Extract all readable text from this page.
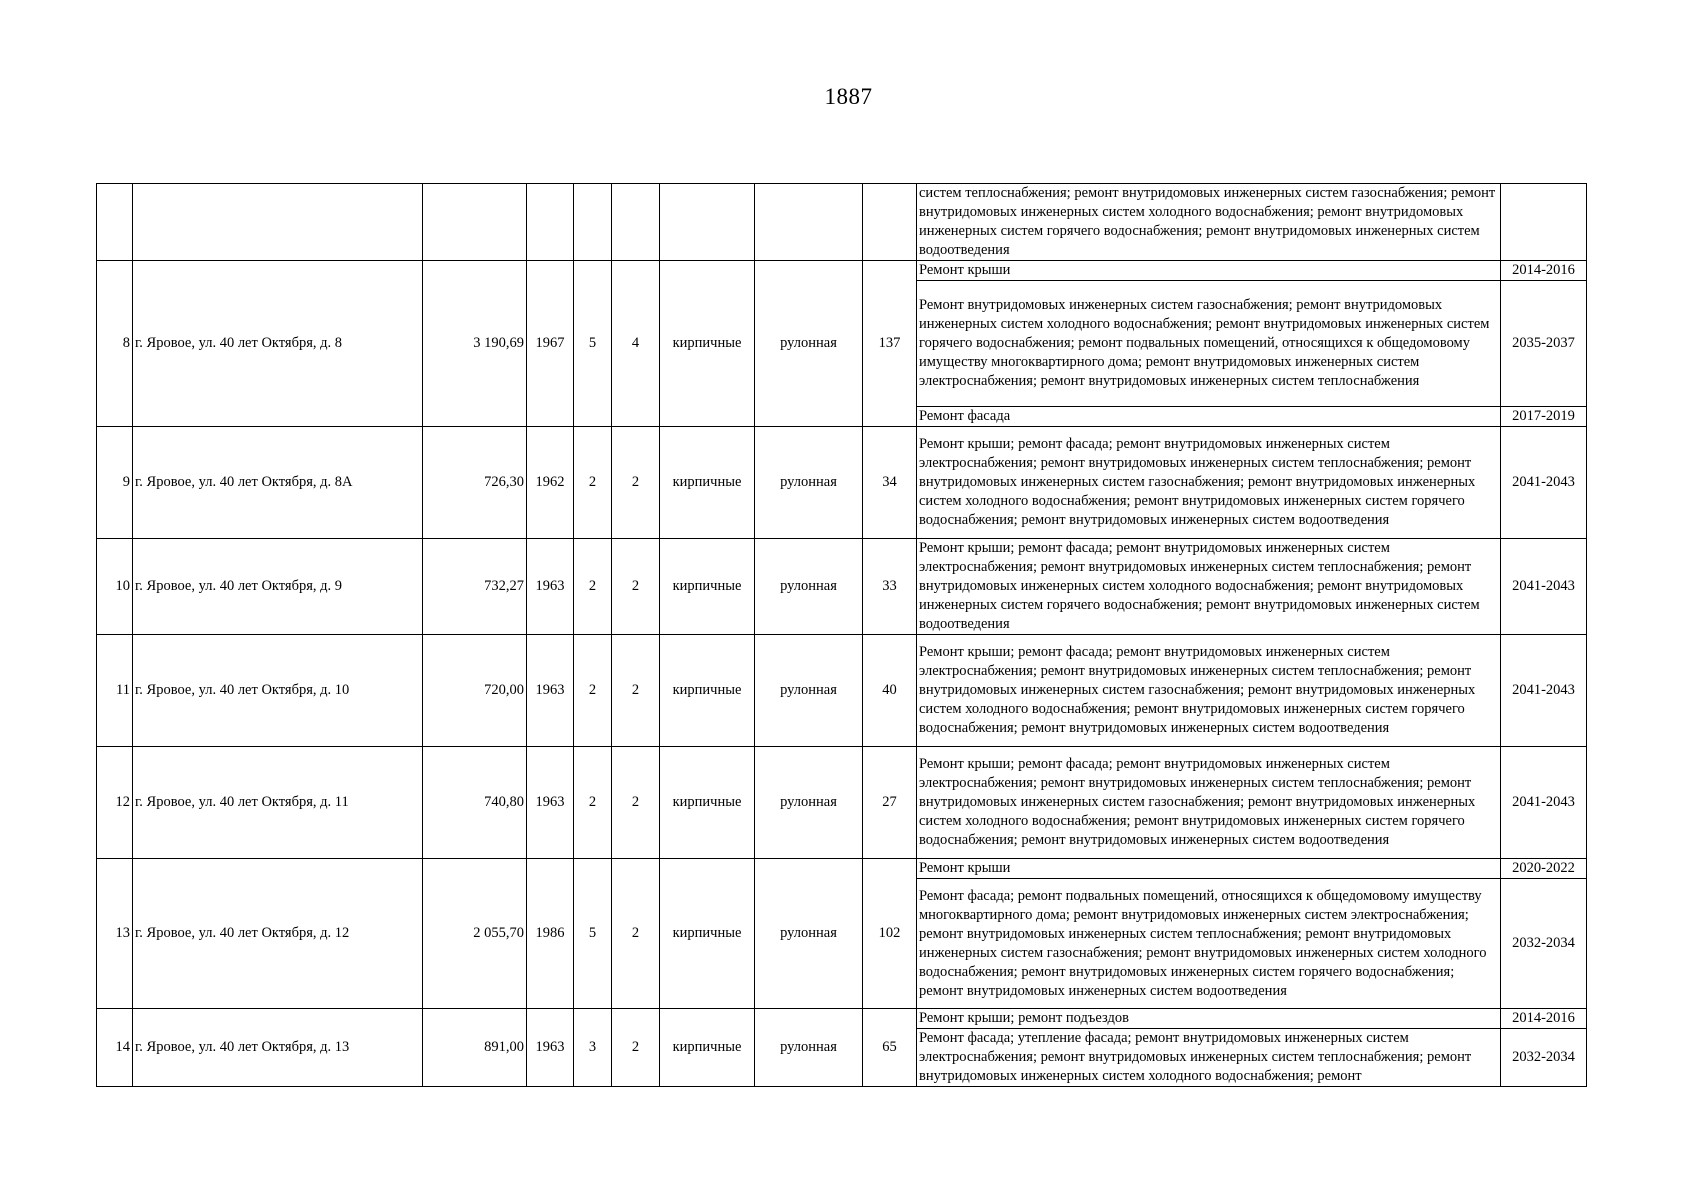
1887
									систем теплоснабжения; ремонт внутридомовых инженерных систем газоснабжения; ремонт внутридомовых инженерных систем холодного водоснабжения; ремонт внутридомовых инженерных систем горячего водоснабжения; ремонт внутридомовых инженерных систем водоотведения	
8	г. Яровое, ул. 40 лет Октября, д. 8	3 190,69	1967	5	4	кирпичные	рулонная	137	Ремонт крыши	2014-2016
									Ремонт внутридомовых инженерных систем газоснабжения; ремонт внутридомовых инженерных систем холодного водоснабжения; ремонт внутридомовых инженерных систем горячего водоснабжения; ремонт подвальных помещений, относящихся к общедомовому имуществу многоквартирного дома; ремонт внутридомовых инженерных систем электроснабжения; ремонт внутридомовых инженерных систем теплоснабжения	2035-2037
									Ремонт фасада	2017-2019
9	г. Яровое, ул. 40 лет Октября, д. 8А	726,30	1962	2	2	кирпичные	рулонная	34	Ремонт крыши; ремонт фасада; ремонт внутридомовых инженерных систем электроснабжения; ремонт внутридомовых инженерных систем теплоснабжения; ремонт внутридомовых инженерных систем газоснабжения; ремонт внутридомовых инженерных систем холодного водоснабжения; ремонт внутридомовых инженерных систем горячего водоснабжения; ремонт внутридомовых инженерных систем водоотведения	2041-2043
10	г. Яровое, ул. 40 лет Октября, д. 9	732,27	1963	2	2	кирпичные	рулонная	33	Ремонт крыши; ремонт фасада; ремонт внутридомовых инженерных систем электроснабжения; ремонт внутридомовых инженерных систем теплоснабжения; ремонт внутридомовых инженерных систем холодного водоснабжения; ремонт внутридомовых инженерных систем горячего водоснабжения; ремонт внутридомовых инженерных систем водоотведения	2041-2043
11	г. Яровое, ул. 40 лет Октября, д. 10	720,00	1963	2	2	кирпичные	рулонная	40	Ремонт крыши; ремонт фасада; ремонт внутридомовых инженерных систем электроснабжения; ремонт внутридомовых инженерных систем теплоснабжения; ремонт внутридомовых инженерных систем газоснабжения; ремонт внутридомовых инженерных систем холодного водоснабжения; ремонт внутридомовых инженерных систем горячего водоснабжения; ремонт внутридомовых инженерных систем водоотведения	2041-2043
12	г. Яровое, ул. 40 лет Октября, д. 11	740,80	1963	2	2	кирпичные	рулонная	27	Ремонт крыши; ремонт фасада; ремонт внутридомовых инженерных систем электроснабжения; ремонт внутридомовых инженерных систем теплоснабжения; ремонт внутридомовых инженерных систем газоснабжения; ремонт внутридомовых инженерных систем холодного водоснабжения; ремонт внутридомовых инженерных систем горячего водоснабжения; ремонт внутридомовых инженерных систем водоотведения	2041-2043
13	г. Яровое, ул. 40 лет Октября, д. 12	2 055,70	1986	5	2	кирпичные	рулонная	102	Ремонт крыши	2020-2022
									Ремонт фасада; ремонт подвальных помещений, относящихся к общедомовому имуществу многоквартирного дома; ремонт внутридомовых инженерных систем электроснабжения; ремонт внутридомовых инженерных систем теплоснабжения; ремонт внутридомовых инженерных систем газоснабжения; ремонт внутридомовых инженерных систем холодного водоснабжения; ремонт внутридомовых инженерных систем горячего водоснабжения; ремонт внутридомовых инженерных систем водоотведения	2032-2034
14	г. Яровое, ул. 40 лет Октября, д. 13	891,00	1963	3	2	кирпичные	рулонная	65	Ремонт крыши; ремонт подъездов	2014-2016
									Ремонт фасада; утепление фасада; ремонт внутридомовых инженерных систем электроснабжения; ремонт внутридомовых инженерных систем теплоснабжения; ремонт внутридомовых инженерных систем холодного водоснабжения; ремонт	2032-2034
